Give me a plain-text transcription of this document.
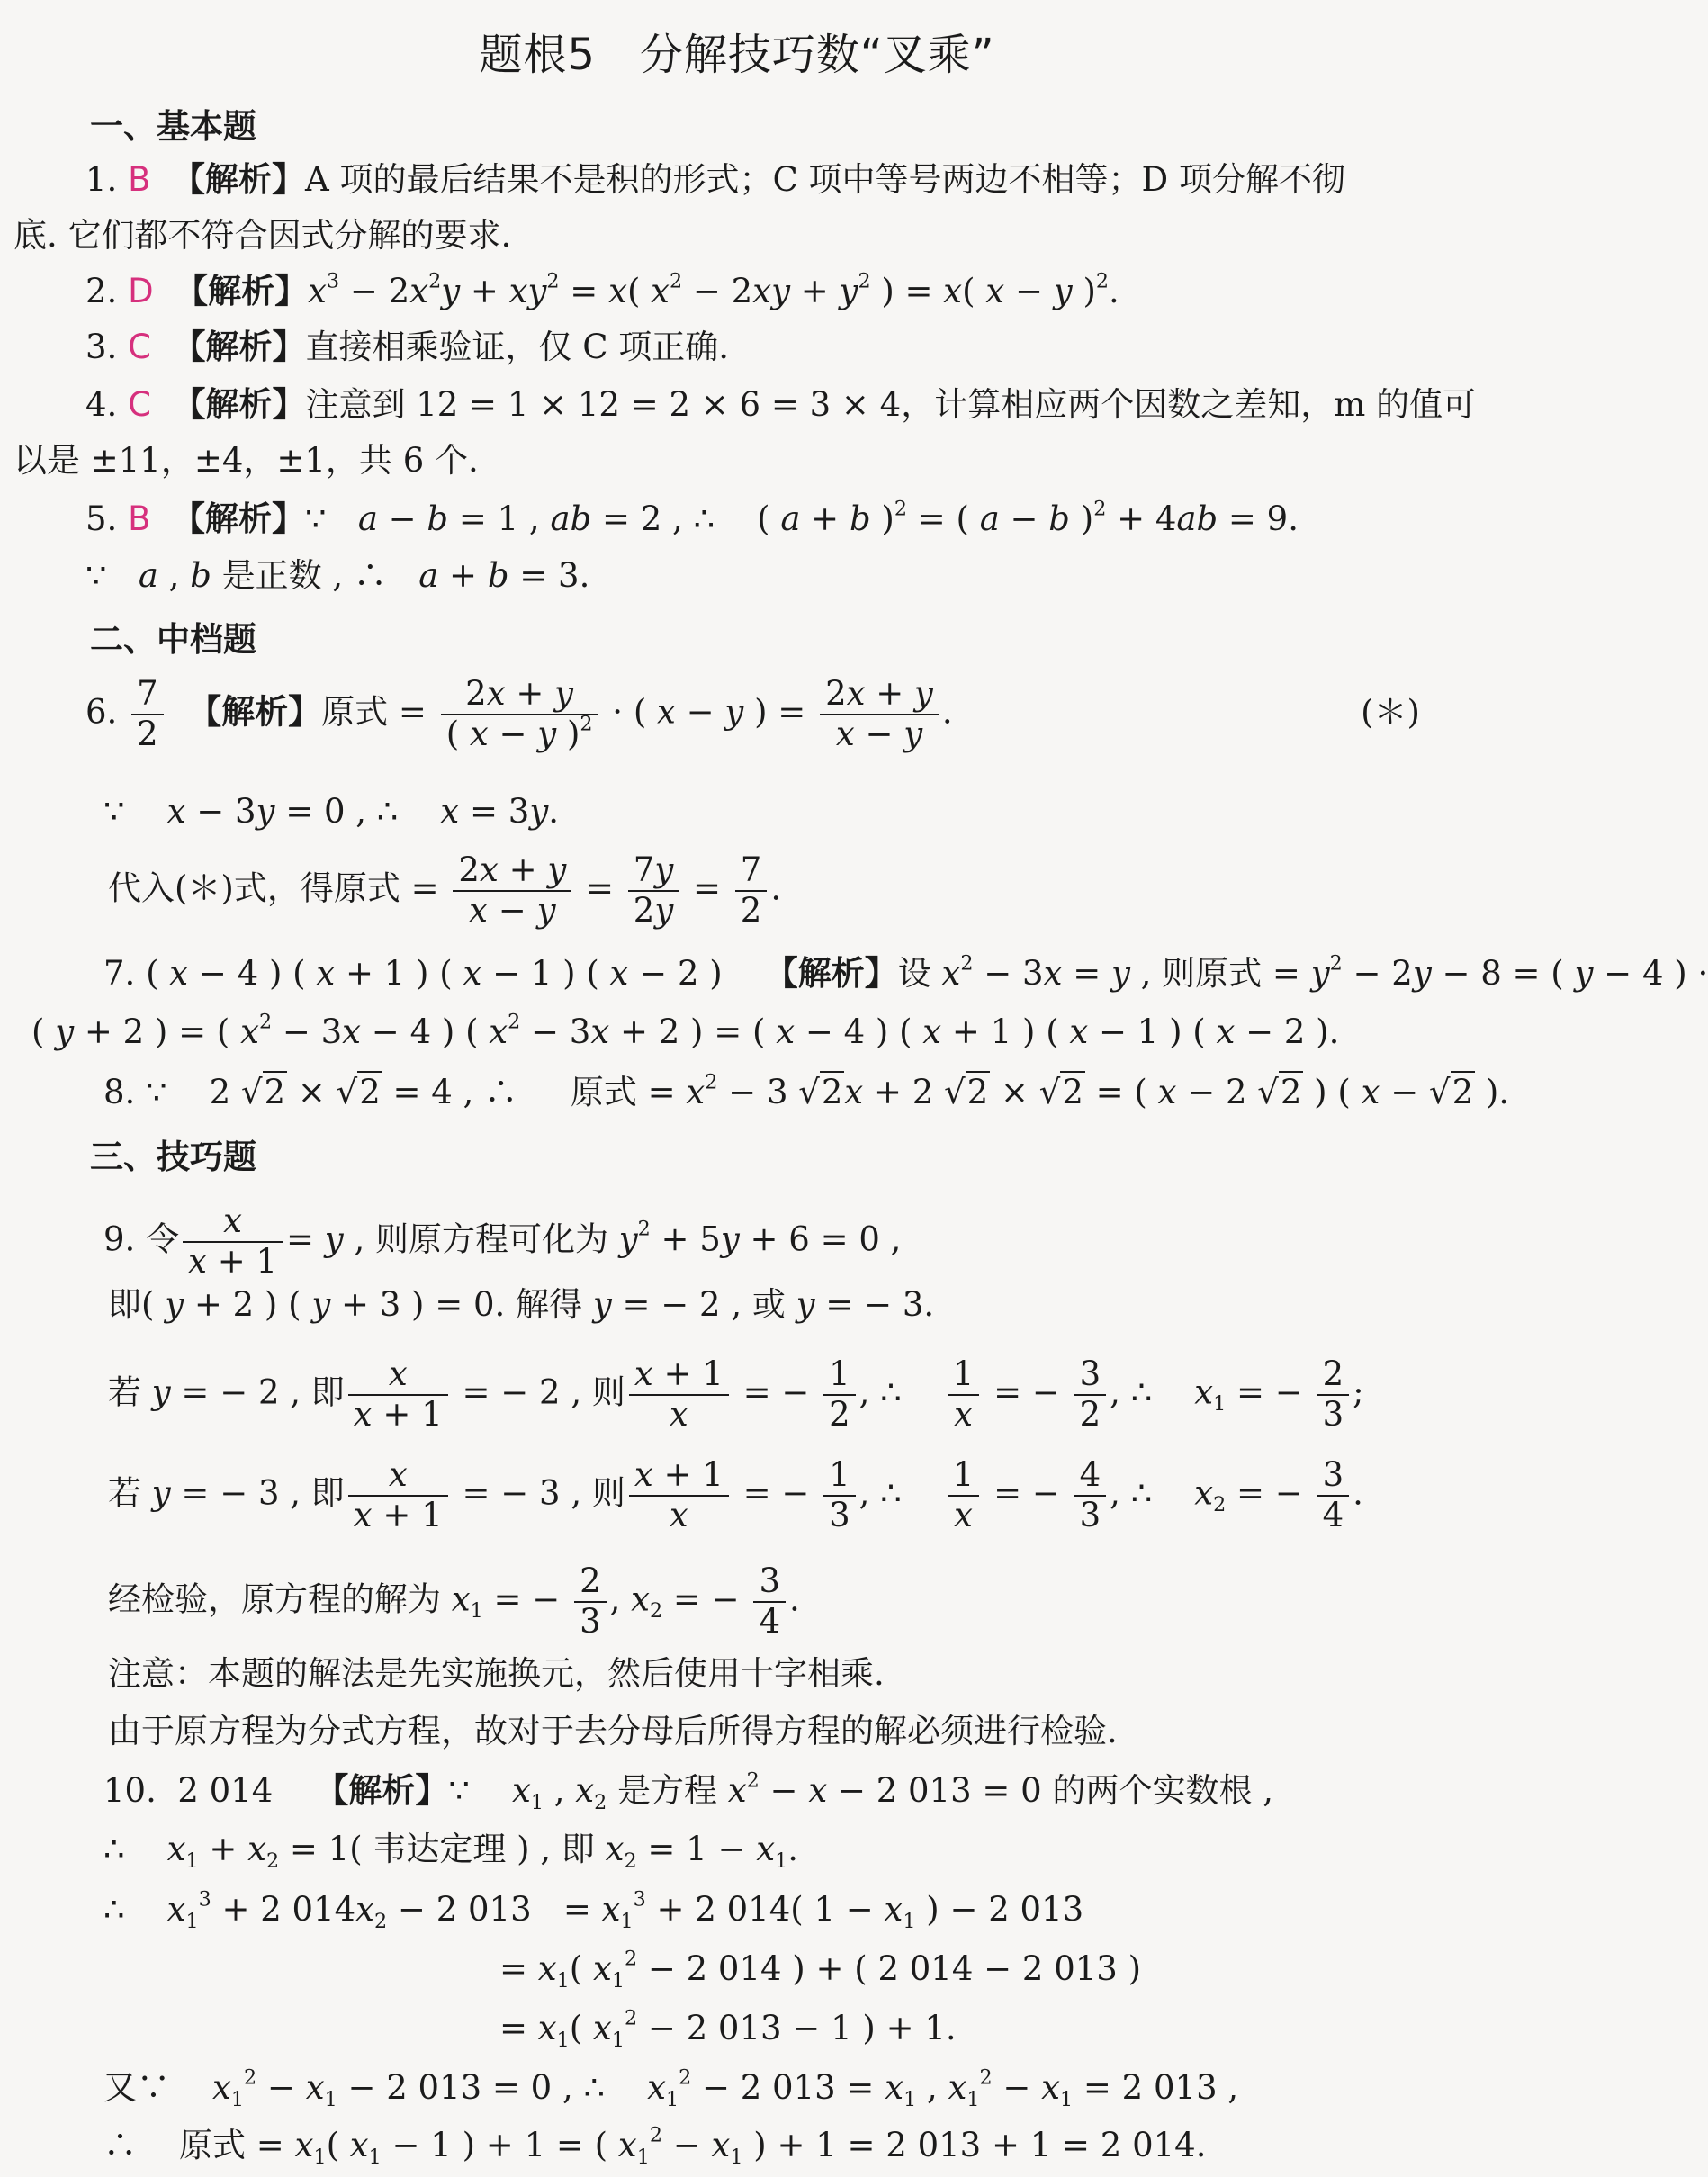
题根5　分解技巧数“叉乘”
一、基本题
1. B 【解析】A 项的最后结果不是积的形式；C 项中等号两边不相等；D 项分解不彻
底. 它们都不符合因式分解的要求.
2. D 【解析】$x^3 - 2x^2y + xy^2 = x$( $x^2 - 2xy + y^2$ ) = x( x − y )$^2$.
3. C 【解析】直接相乘验证，仅 C 项正确.
4. C 【解析】注意到 12 = 1 × 12 = 2 × 6 = 3 × 4，计算相应两个因数之差知，m 的值可
以是 ±11，±4，±1，共 6 个.
5. B 【解析】∵   a − b = 1 , ab = 2 , ∴    ( a + b )$^2$ = ( a − b )$^2$ + 4ab = 9.
∵   a , b 是正数 , ∴   a + b = 3.
二、中档题
6. $\frac{7}{2}$ 【解析】原式 = $\frac{2x + y}{( x - y )^2}$ · ( x − y ) = $\frac{2x + y}{x - y}$ .	(＊)
∵    x − 3y = 0 , ∴    x = 3y.
代入(＊)式，得原式 = $\frac{2x + y}{x - y} = \frac{7y}{2y} = \frac{7}{2}$ .
7. ( x − 4 ) ( x + 1 ) ( x − 1 ) ( x − 2 )    【解析】设 $x^2 - 3x = y$ , 则原式 = $y^2 - 2y - 8$ = ( y − 4 ) ·
( y + 2 ) = ( $x^2 - 3x - 4$ ) ( $x^2 - 3x + 2$ ) = ( x − 4 ) ( x + 1 ) ( x − 1 ) ( x − 2 ).
8. ∵    2 √2 × √2 = 4 , ∴     原式 = $x^2 - 3$ √2x + 2 √2 × √2 = ( x − 2 √2 ) ( x − √2 ).
三、技巧题
9. 令 $\frac{x}{x + 1} = y$ , 则原方程可化为 $y^2 + 5y + 6 = 0$ ,
即( y + 2 ) ( y + 3 ) = 0. 解得 y = − 2 , 或 y = − 3.
若 y = − 2 , 即 $\frac{x}{x + 1}$ = − 2 , 则 $\frac{x + 1}{x}$ = − $\frac{1}{2}$ , ∴ $\frac{1}{x}$ = − $\frac{3}{2}$ , ∴    $x_1$ = − $\frac{2}{3}$ ;
若 y = − 3 , 即 $\frac{x}{x + 1}$ = − 3 , 则 $\frac{x + 1}{x}$ = − $\frac{1}{3}$ , ∴ $\frac{1}{x}$ = − $\frac{4}{3}$ , ∴    $x_2$ = − $\frac{3}{4}$ .
经检验，原方程的解为 $x_1$ = − $\frac{2}{3}$ , $x_2$ = − $\frac{3}{4}$ .
注意：本题的解法是先实施换元，然后使用十字相乘.
由于原方程为分式方程，故对于去分母后所得方程的解必须进行检验.
10.  2 014 【解析】∵    $x_1$ , $x_2$ 是方程 $x^2 - x - 2$ 013 = 0 的两个实数根 ,
∴    $x_1 + x_2 = 1$( 韦达定理 ) , 即 $x_2 = 1 - x_1$.
∴    $x_1^3 + 2$ $014x_2 - 2$ $013 = x_1^3 + 2$ 014( $1 - x_1$ ) − 2 013
= $x_1$( $x_1^2 - 2$ 014 ) + ( 2 014 − 2 013 )
= $x_1$( $x_1^2 - 2$ 013 − 1 ) + 1.
又∵    $x_1^2 - x_1 - 2$ 013 = 0 , ∴    $x_1^2 - 2$ $013 = x_1$ , $x_1^2 - x_1 = 2$ 013 ,
∴    原式 = $x_1$( $x_1 - 1$ ) + 1 = ( $x_1^2 - x_1$ ) + 1 = 2 013 + 1 = 2 014.
